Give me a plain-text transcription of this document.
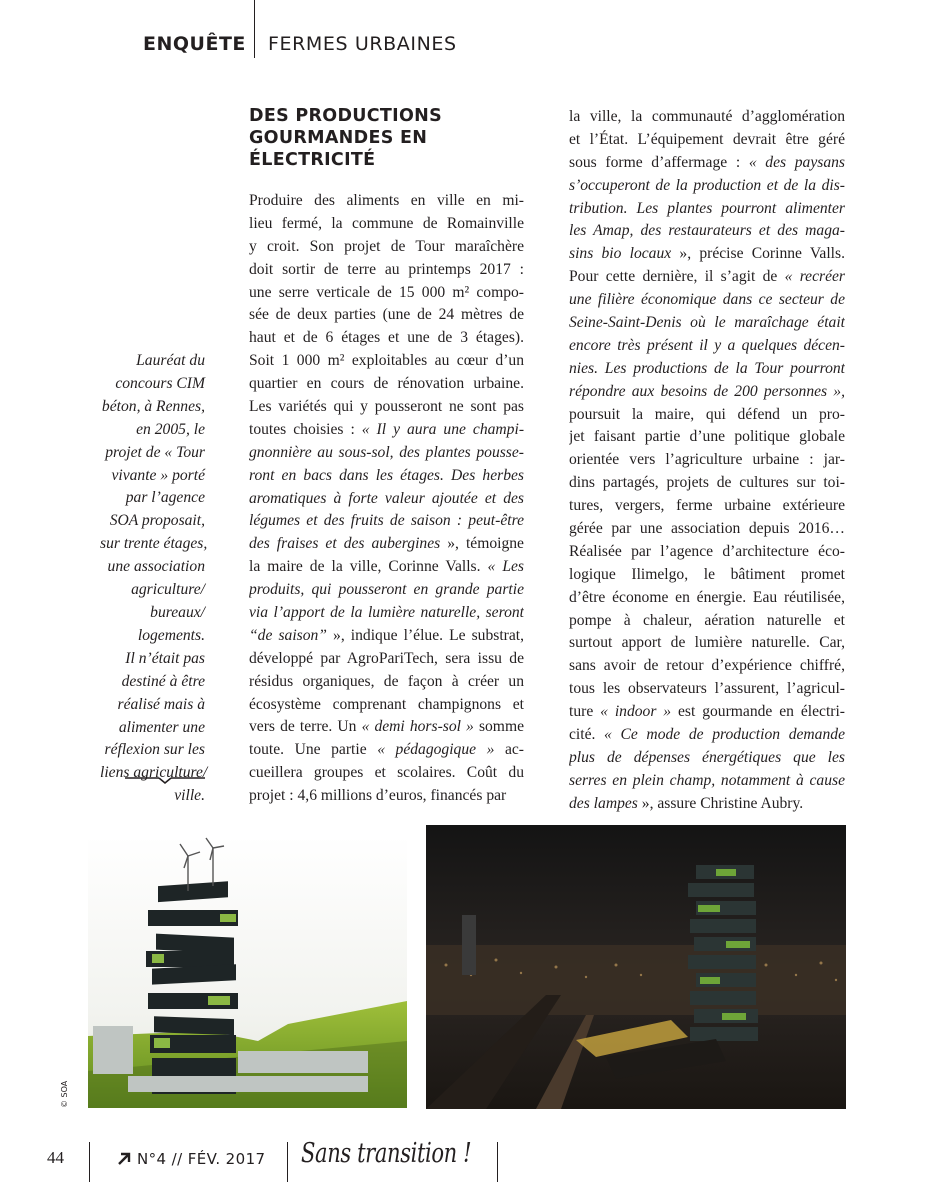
ENQUÊTE FERMES URBAINES
DES PRODUCTIONS
GOURMANDES EN
ÉLECTRICITÉ
Produire des aliments en ville en mi-
lieu fermé, la commune de Romainville
y croit. Son projet de Tour maraîchère
doit sortir de terre au printemps 2017 :
une serre verticale de 15 000 m² compo-
sée de deux parties (une de 24 mètres de
haut et de 6 étages et une de 3 étages).
Soit 1 000 m² exploitables au cœur d’un
quartier en cours de rénovation urbaine.
Les variétés qui y pousseront ne sont pas
toutes choisies : « Il y aura une champi-
gnonnière au sous-sol, des plantes pousse-
ront en bacs dans les étages. Des herbes
aromatiques à forte valeur ajoutée et des
légumes et des fruits de saison : peut-être
des fraises et des aubergines », témoigne
la maire de la ville, Corinne Valls. « Les
produits, qui pousseront en grande partie
via l’apport de la lumière naturelle, seront
“de saison” », indique l’élue. Le substrat,
développé par AgroPariTech, sera issu de
résidus organiques, de façon à créer un
écosystème comprenant champignons et
vers de terre. Un « demi hors-sol » somme
toute. Une partie « pédagogique » ac-
cueillera groupes et scolaires. Coût du
projet : 4,6 millions d’euros, financés par
la ville, la communauté d’agglomération
et l’État. L’équipement devrait être géré
sous forme d’affermage : « des paysans
s’occuperont de la production et de la dis-
tribution. Les plantes pourront alimenter
les Amap, des restaurateurs et des maga-
sins bio locaux », précise Corinne Valls.
Pour cette dernière, il s’agit de « recréer
une filière économique dans ce secteur de
Seine-Saint-Denis où le maraîchage était
encore très présent il y a quelques décen-
nies. Les productions de la Tour pourront
répondre aux besoins de 200 personnes »,
poursuit la maire, qui défend un pro-
jet faisant partie d’une politique globale
orientée vers l’agriculture urbaine : jar-
dins partagés, projets de cultures sur toi-
tures, vergers, ferme urbaine extérieure
gérée par une association depuis 2016…
Réalisée par l’agence d’architecture éco-
logique Ilimelgo, le bâtiment promet
d’être économe en énergie. Eau réutilisée,
pompe à chaleur, aération naturelle et
surtout apport de lumière naturelle. Car,
sans avoir de retour d’expérience chiffré,
tous les observateurs l’assurent, l’agricul-
ture « indoor » est gourmande en électri-
cité. « Ce mode de production demande
plus de dépenses énergétiques que les
serres en plein champ, notamment à cause
des lampes », assure Christine Aubry.
Lauréat du
concours CIM
béton, à Rennes,
en 2005, le
projet de « Tour
vivante » porté
par l’agence
SOA proposait,
sur trente étages,
une association
agriculture/
bureaux/
logements.
Il n’était pas
destiné à être
réalisé mais à
alimenter une
réflexion sur les
liens agriculture/
ville.
© SOA
44	N°4 // FÉV. 2017 Sans transition !
